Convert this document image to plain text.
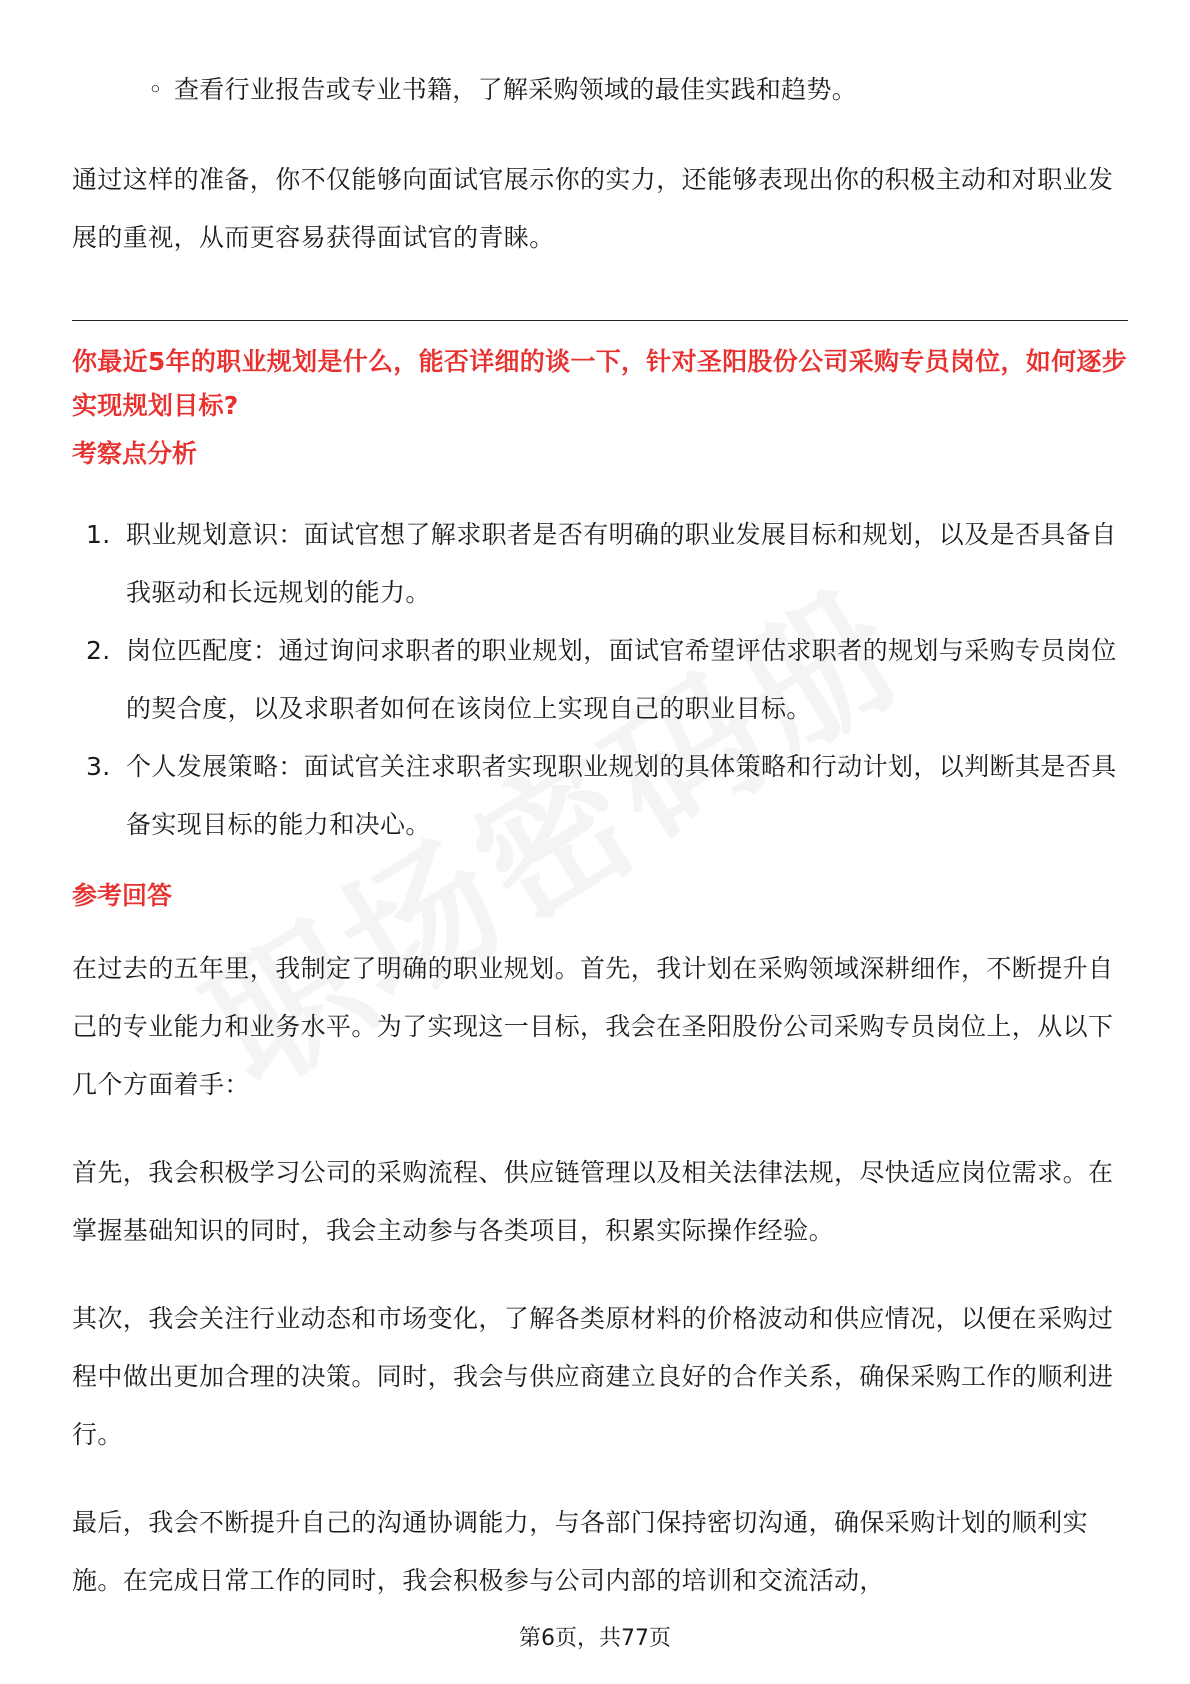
◦ 查看行业报告或专业书籍，了解采购领域的最佳实践和趋势。

通过这样的准备，你不仅能够向面试官展示你的实力，还能够表现出你的积极主动和对职业发展的重视，从而更容易获得面试官的青睐。

你最近5年的职业规划是什么，能否详细的谈一下，针对圣阳股份公司采购专员岗位，如何逐步实现规划目标?

考察点分析
1. 职业规划意识：面试官想了解求职者是否有明确的职业发展目标和规划，以及是否具备自我驱动和长远规划的能力。
2. 岗位匹配度：通过询问求职者的职业规划，面试官希望评估求职者的规划与采购专员岗位的契合度，以及求职者如何在该岗位上实现自己的职业目标。
3. 个人发展策略：面试官关注求职者实现职业规划的具体策略和行动计划，以判断其是否具备实现目标的能力和决心。
参考回答

在过去的五年里，我制定了明确的职业规划。首先，我计划在采购领域深耕细作，不断提升自己的专业能力和业务水平。为了实现这一目标，我会在圣阳股份公司采购专员岗位上，从以下几个方面着手：

首先，我会积极学习公司的采购流程、供应链管理以及相关法律法规，尽快适应岗位需求。在掌握基础知识的同时，我会主动参与各类项目，积累实际操作经验。

其次，我会关注行业动态和市场变化，了解各类原材料的价格波动和供应情况，以便在采购过程中做出更加合理的决策。同时，我会与供应商建立良好的合作关系，确保采购工作的顺利进行。

最后，我会不断提升自己的沟通协调能力，与各部门保持密切沟通，确保采购计划的顺利实施。在完成日常工作的同时，我会积极参与公司内部的培训和交流活动，

第6页，共77页
